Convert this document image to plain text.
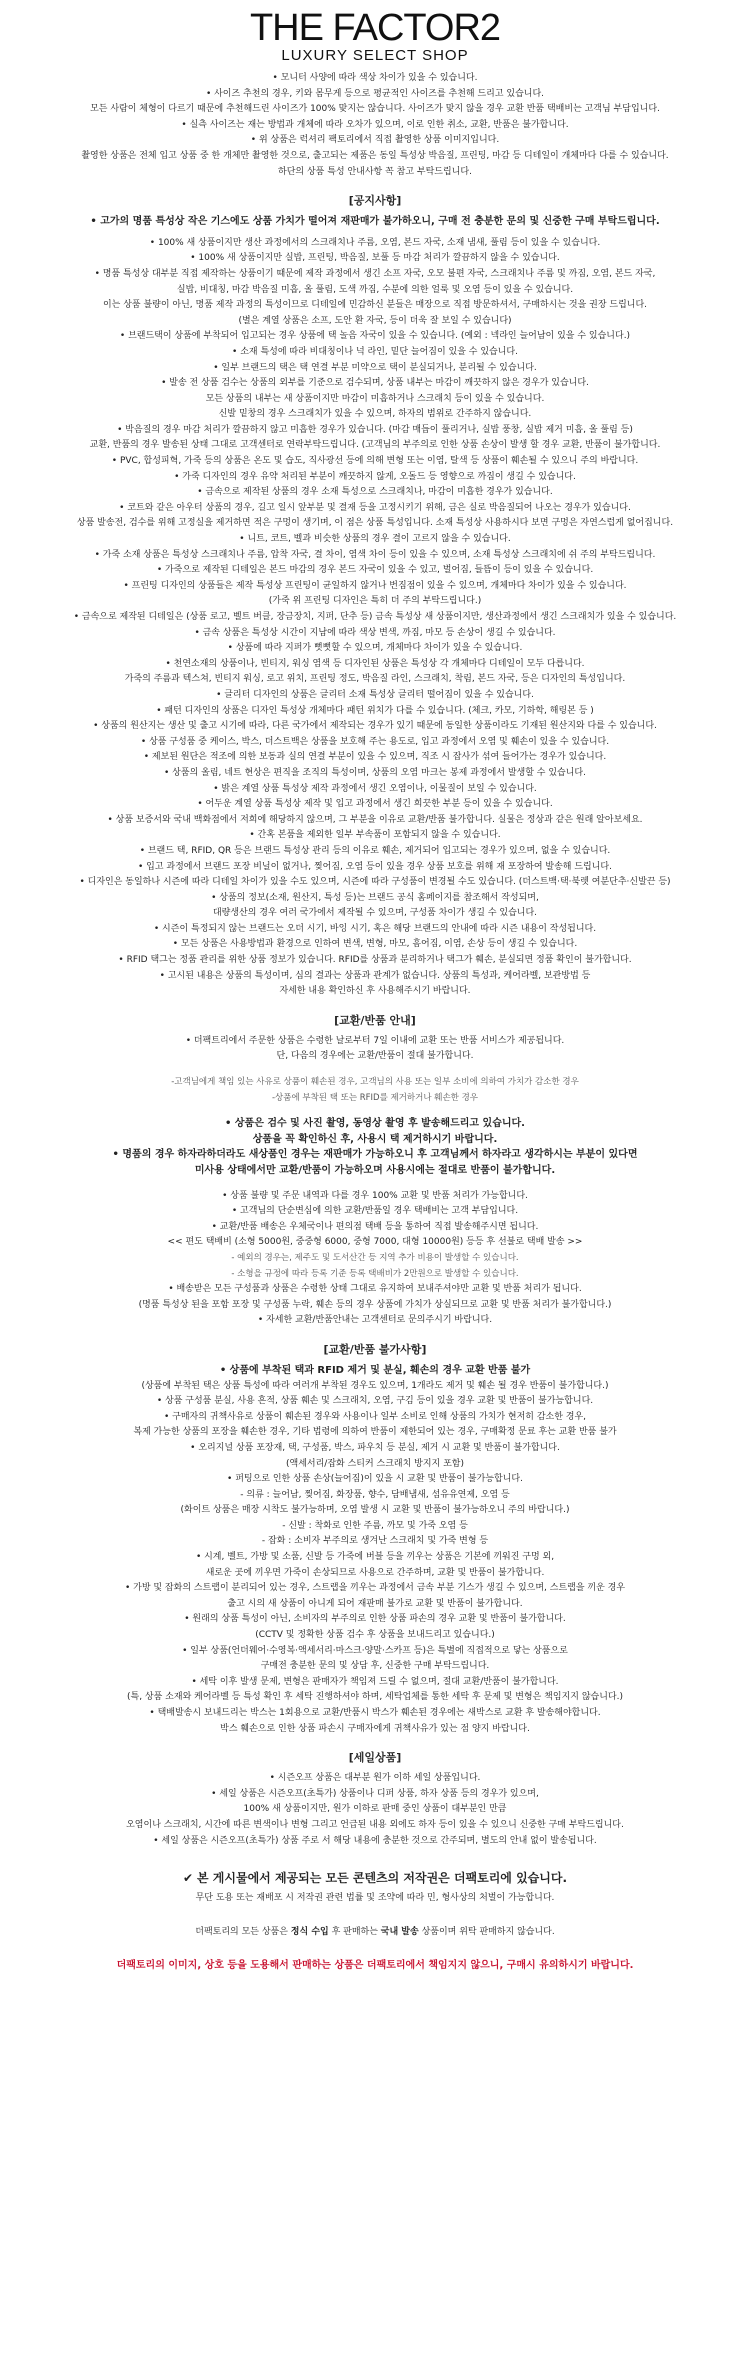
THE FACTOR2
LUXURY SELECT SHOP

• 모니터 사양에 따라 색상 차이가 있을 수 있습니다.

• 사이즈 추천의 경우, 키와 몸무게 등으로 평균적인 사이즈를 추천해 드리고 있습니다.

모든 사람이 체형이 다르기 때문에 추천해드린 사이즈가 100% 맞지는 않습니다. 사이즈가 맞지 않을 경우 교환 반품 택배비는 고객님 부담입니다.

• 실측 사이즈는 재는 방법과 개체에 따라 오차가 있으며, 이로 인한 취소, 교환, 반품은 불가합니다.

• 위 상품은 럭셔리 팩토리에서 직접 촬영한 상품 이미지입니다.

촬영한 상품은 전체 입고 상품 중 한 개체만 촬영한 것으로, 출고되는 제품은 동일 특성상 박음질, 프린팅, 마감 등 디테일이 개체마다 다를 수 있습니다.

하단의 상품 특성 안내사항 꼭 참고 부탁드립니다.

[공지사항]

• 고가의 명품 특성상 작은 기스에도 상품 가치가 떨어져 재판매가 불가하오니, 구매 전 충분한 문의 및 신중한 구매 부탁드립니다.

• 100% 새 상품이지만 생산 과정에서의 스크래치나 주름, 오염, 본드 자국, 소재 냄새, 풀림 등이 있을 수 있습니다.

• 100% 새 상품이지만 실밥, 프린팅, 박음질, 보풀 등 마감 처리가 깔끔하지 않을 수 있습니다.

• 명품 특성상 대부분 직접 제작하는 상품이기 때문에 제작 과정에서 생긴 소프 자국, 오모 불편 자국, 스크래치나 주름 및 까짐, 오염, 본드 자국,

실밥, 비대칭, 마감 박음질 미흡, 올 풀림, 도색 까짐, 수분에 의한 얼룩 및 오염 등이 있을 수 있습니다.

이는 상품 불량이 아닌, 명품 제작 과정의 특성이므로 디테일에 민감하신 분들은 매장으로 직접 방문하셔서, 구매하시는 것을 권장 드립니다.

(별은 계열 상품은 소프, 도안 환 자국, 등이 더욱 잘 보일 수 있습니다)

• 브랜드택이 상품에 부착되어 입고되는 경우 상품에 택 놀음 자국이 있을 수 있습니다. (예외 : 넥라인 늘어남이 있을 수 있습니다.)

• 소재 특성에 따라 비대칭이나 넉 라인, 밑단 늘어짐이 있을 수 있습니다.

• 일부 브랜드의 택은 택 연결 부분 미약으로 택이 분실되거나, 분리될 수 있습니다.

• 발송 전 상품 검수는 상품의 외부를 기준으로 검수되며, 상품 내부는 마감이 깨끗하지 않은 경우가 있습니다.

모든 상품의 내부는 새 상품이지만 마감이 미흡하거나 스크래치 등이 있을 수 있습니다.

신발 밑창의 경우 스크래치가 있을 수 있으며, 하자의 범위로 간주하지 않습니다.

• 박음질의 경우 마감 처리가 깔끔하지 않고 미흡한 경우가 있습니다. (마감 매듭이 풀리거나, 실밥 풍창, 실밥 제거 미흡, 올 풀림 등)

교환, 반품의 경우 발송된 상태 그대로 고객센터로 연락부탁드립니다. (고객님의 부주의로 인한 상품 손상이 발생 할 경우 교환, 반품이 불가합니다.

• PVC, 합성피혁, 가죽 등의 상품은 온도 및 습도, 직사광선 등에 의해 변형 또는 이염, 탈색 등 상품이 훼손될 수 있으니 주의 바랍니다.

• 가죽 디자인의 경우 유약 처리된 부분이 깨끗하지 않게, 오돌드 등 영향으로 까짐이 생길 수 있습니다.

• 금속으로 제작된 상품의 경우 소재 특성으로 스크래치나, 마감이 미흡한 경우가 있습니다.

• 코트와 같은 아우터 상품의 경우, 길고 일시 앞부분 및 결재 등을 고정시키기 위해, 금은 실로 박음질되어 나오는 경우가 있습니다.

상품 발송전, 검수를 위해 고정실을 제거하면 적은 구멍이 생기며, 이 점은 상품 특성입니다. 소재 특성상 사용하시다 보면 구멍은 자연스럽게 없어집니다.

• 니트, 코트, 벨과 비슷한 상품의 경우 결이 고르지 않을 수 있습니다.

• 가죽 소재 상품은 특성상 스크래치나 주름, 압착 자국, 결 차이, 염색 차이 등이 있을 수 있으며, 소재 특성상 스크래치에 쉬 주의 부탁드립니다.

• 가죽으로 제작된 디테일은 본드 마감의 경우 본드 자국이 있을 수 있고, 벌어짐, 들뜸이 등이 있을 수 있습니다.

• 프린팅 디자인의 상품들은 제작 특성상 프린팅이 균일하지 않거나 번짐점이 있을 수 있으며, 개체마다 차이가 있을 수 있습니다.

(가죽 위 프린팅 디자인은 특히 더 주의 부탁드립니다.)

• 금속으로 제작된 디테일은 (상품 로고, 벨트 버클, 장금장치, 지퍼, 단추 등) 금속 특성상 새 상품이지만, 생산과정에서 생긴 스크래치가 있을 수 있습니다.

• 금속 상품은 특성상 시간이 지남에 따라 색상 변색, 까짐, 마모 등 손상이 생길 수 있습니다.

• 상품에 따라 지퍼가 뻣뻣할 수 있으며, 개체마다 차이가 있을 수 있습니다.

• 천연소재의 상품이나, 빈티지, 워싱 염색 등 디자인된 상품은 특성상 각 개체마다 디테일이 모두 다릅니다.

가죽의 주름과 텍스쳐, 빈티지 워싱, 로고 위치, 프린팅 정도, 박음질 라인, 스크래치, 착림, 본드 자국, 등은 디자인의 특성입니다.

• 글리터 디자인의 상품은 글리터 소재 특성상 글리터 떨어짐이 있을 수 있습니다.

• 패턴 디자인의 상품은 디자인 특성상 개체마다 패턴 위치가 다를 수 있습니다. (체크, 카모, 기하학, 해링본 등 )

• 상품의 원산지는 생산 및 출고 시기에 따라, 다른 국가에서 제작되는 경우가 있기 때문에 동일한 상품이라도 기재된 원산지와 다를 수 있습니다.

• 상품 구성품 중 케이스, 박스, 더스트백은 상품을 보호해 주는 용도로, 입고 과정에서 오염 및 훼손이 있을 수 있습니다.

• 제보된 원단은 적조에 의한 보동과 실의 연결 부분이 있을 수 있으며, 직조 시 잡사가 섞여 들어가는 경우가 있습니다.

• 상품의 올림, 네트 현상은 편직을 조직의 특성이며, 상품의 오염 마크는 봉제 과정에서 발생할 수 있습니다.

• 밝은 계열 상품 특성상 제작 과정에서 생긴 오염이나, 이물질이 보일 수 있습니다.

• 어두운 계열 상품 특성상 제작 및 입고 과정에서 생긴 희끗한 부분 등이 있을 수 있습니다.

• 상품 보증서와 국내 백화점에서 저희에 해당하지 않으며, 그 부분을 이유로 교환/반품 불가합니다. 실물은 정상과 같은 원래 알아보세요.

• 간혹 본품을 제외한 일부 부속품이 포함되지 않을 수 있습니다.

• 브랜드 택, RFID, QR 등은 브랜드 특성상 관리 등의 이유로 훼손, 제거되어 입고되는 경우가 있으며, 없을 수 있습니다.

• 입고 과정에서 브랜드 포장 비닐이 없거나, 찢어짐, 오염 등이 있을 경우 상품 보호를 위해 재 포장하여 발송해 드립니다.

• 디자인은 동일하나 시즌에 따라 디테일 차이가 있을 수도 있으며, 시즌에 따라 구성품이 변경될 수도 있습니다. (더스트백·택·북렛 여분단추·신발끈 등)

• 상품의 정보(소재, 원산지, 특성 등)는 브랜드 공식 홈페이지를 참조해서 작성되며,

대량생산의 경우 여러 국가에서 제작될 수 있으며, 구성품 차이가 생길 수 있습니다.

• 시즌이 특정되지 않는 브랜드는 오더 시기, 바잉 시기, 혹은 해당 브랜드의 안내에 따라 시즌 내용이 작성됩니다.

• 모든 상품은 사용방법과 환경으로 인하여 변색, 변형, 마모, 흠어짐, 이염, 손상 등이 생길 수 있습니다.

• RFID 택그는 정품 관리를 위한 상품 정보가 있습니다. RFID를 상품과 분리하거나 택그가 훼손, 분실되면 정품 확인이 불가합니다.

• 고시된 내용은 상품의 특성이며, 심의 결과는 상품과 관계가 없습니다. 상품의 특성과, 케어라벨, 보관방법 등

자세한 내용 확인하신 후 사용해주시기 바랍니다.

[교환/반품 안내]

• 더팩트리에서 주문한 상품은 수령한 날로부터 7일 이내에 교환 또는 반품 서비스가 제공됩니다.

단, 다음의 경우에는 교환/반품이 절대 불가합니다.

-고객님에게 책임 있는 사유로 상품이 훼손된 경우, 고객님의 사용 또는 일부 소비에 의하여 가치가 감소한 경우

-상품에 부착된 택 또는 RFID를 제거하거나 훼손한 경우

• 상품은 검수 및 사진 촬영, 동영상 촬영 후 발송해드리고 있습니다.

상품을 꼭 확인하신 후, 사용시 택 제거하시기 바랍니다.

• 명품의 경우 하자라하더라도 새상품인 경우는 재판매가 가능하오니 후 고객님께서 하자라고 생각하시는 부분이 있다면

미사용 상태에서만 교환/반품이 가능하오며 사용시에는 절대로 반품이 불가합니다.

• 상품 불량 및 주문 내역과 다를 경우 100% 교환 및 반품 처리가 가능합니다.

• 고객님의 단순변심에 의한 교환/반품일 경우 택배비는 고객 부담입니다.

• 교환/반품 배송은 우체국이나 편의점 택배 등을 통하여 직접 발송해주시면 됩니다.

<< 편도 택배비 (소형 5000원, 중중형 6000, 중형 7000, 대형 10000원) 등등 후 선불로 택배 발송 >>

- 예외의 경우는, 제주도 및 도서산간 등 지역 추가 비용이 발생할 수 있습니다.

- 소형을 규정에 따라 등록 기준 등록 택배비가 2만원으로 발생할 수 있습니다.

• 배송받은 모든 구성품과 상품은 수령한 상태 그대로 유지하여 보내주셔야만 교환 및 반품 처리가 됩니다.

(명품 특성상 된을 포함 포장 및 구성품 누락, 훼손 등의 경우 상품에 가치가 상실되므로 교환 및 반품 처리가 불가합니다.)

• 자세한 교환/반품안내는 고객센터로 문의주시기 바랍니다.

[교환/반품 불가사항]

• 상품에 부착된 택과 RFID 제거 및 분실, 훼손의 경우 교환 반품 불가

(상품에 부착된 택은 상품 특성에 따라 여러개 부착된 경우도 있으며, 1개라도 제거 및 훼손 될 경우 반품이 불가합니다.)

• 상품 구성품 분실, 사용 흔적, 상품 훼손 및 스크래치, 오염, 구김 등이 있을 경우 교환 및 반품이 불가능합니다.

• 구매자의 귀책사유로 상품이 훼손된 경우와 사용이나 일부 소비로 인해 상품의 가치가 현저히 감소한 경우,

복제 가능한 상품의 포장을 훼손한 경우, 기타 법령에 의하여 반품이 제한되어 있는 경우, 구매확정 문료 후는 교환 반품 불가

• 오리지널 상품 포장재, 택, 구성품, 박스, 파우치 등 분실, 제거 시 교환 및 반품이 불가합니다.

(액세서리/잡화 스티커 스크래치 방지지 포함)

• 퍼팅으로 인한 상품 손상(늘어짐)이 있을 시 교환 및 반품이 불가능합니다.

- 의류 : 늘어남, 찢어짐, 화장품, 향수, 담배냄새, 섬유유연제, 오염 등

(화이트 상품은 매장 시착도 불가능하며, 오염 발생 시 교환 및 반품이 불가능하오니 주의 바랍니다.)

- 신발 : 착화로 인한 주름, 까모 및 가죽 오염 등

- 잡화 : 소비자 부주의로 생겨난 스크래치 및 가죽 변형 등

• 시계, 벨트, 가방 및 소품, 신발 등 가죽에 버블 등을 끼우는 상품은 기본에 끼워진 구멍 외,

새로운 곳에 끼우면 가죽이 손상되므로 사용으로 간주하며, 교환 및 반품이 불가합니다.

• 가방 및 잡화의 스트랩이 분리되어 있는 경우, 스트랩을 끼우는 과정에서 금속 부분 기스가 생길 수 있으며, 스트랩을 끼운 경우

출고 시의 새 상품이 아니게 되어 재판매 불가로 교환 및 반품이 불가합니다.

• 원래의 상품 특성이 아닌, 소비자의 부주의로 인한 상품 파손의 경우 교환 및 반품이 불가합니다.

(CCTV 및 정확한 상품 검수 후 상품을 보내드리고 있습니다.)

• 일부 상품(언더웨어·수영복·액세서리·마스크·양말·스카프 등)은 특별에 직접적으로 닿는 상품으로

구매전 충분한 문의 및 상담 후, 신중한 구매 부탁드립니다.

• 세탁 이후 발생 문제, 변형은 판매자가 책임져 드릴 수 없으며, 절대 교환/반품이 불가합니다.

(특, 상품 소재와 케어라벨 등 특성 확인 후 세탁 진행하셔야 하며, 세탁업체를 통한 세탁 후 문제 및 변형은 책임지지 않습니다.)

• 택배발송시 보내드리는 박스는 1회용으로 교환/반품시 박스가 훼손된 경우에는 새박스로 교환 후 발송해야합니다.

박스 훼손으로 인한 상품 파손시 구매자에게 귀책사유가 있는 점 양지 바랍니다.

[세일상품]

• 시즌오프 상품은 대부분 원가 이하 세일 상품입니다.

• 세일 상품은 시즌오프(초특가) 상품이나 디퍼 상품, 하자 상품 등의 경우가 있으며,

100% 새 상품이지만, 원가 이하로 판매 중인 상품이 대부분인 만큼

오염이나 스크래치, 시간에 따른 변색이나 변형 그리고 언급된 내용 외에도 하자 등이 있을 수 있으니 신중한 구매 부탁드립니다.

• 세일 상품은 시즌오프(초특가) 상품 주로 서 해당 내용에 충분한 것으로 간주되며, 별도의 안내 없이 발송됩니다.

✔ 본 게시물에서 제공되는 모든 콘텐츠의 저작권은 더팩토리에 있습니다.
무단 도용 또는 재배포 시 저작권 관련 법률 및 조약에 따라 민, 형사상의 처벌이 가능합니다.
더팩토리의 모든 상품은 정식 수입 후 판매하는 국내 발송 상품이며 위탁 판매하지 않습니다.
더팩토리의 이미지, 상호 등을 도용해서 판매하는 상품은 더팩토리에서 책임지지 않으니, 구매시 유의하시기 바랍니다.
